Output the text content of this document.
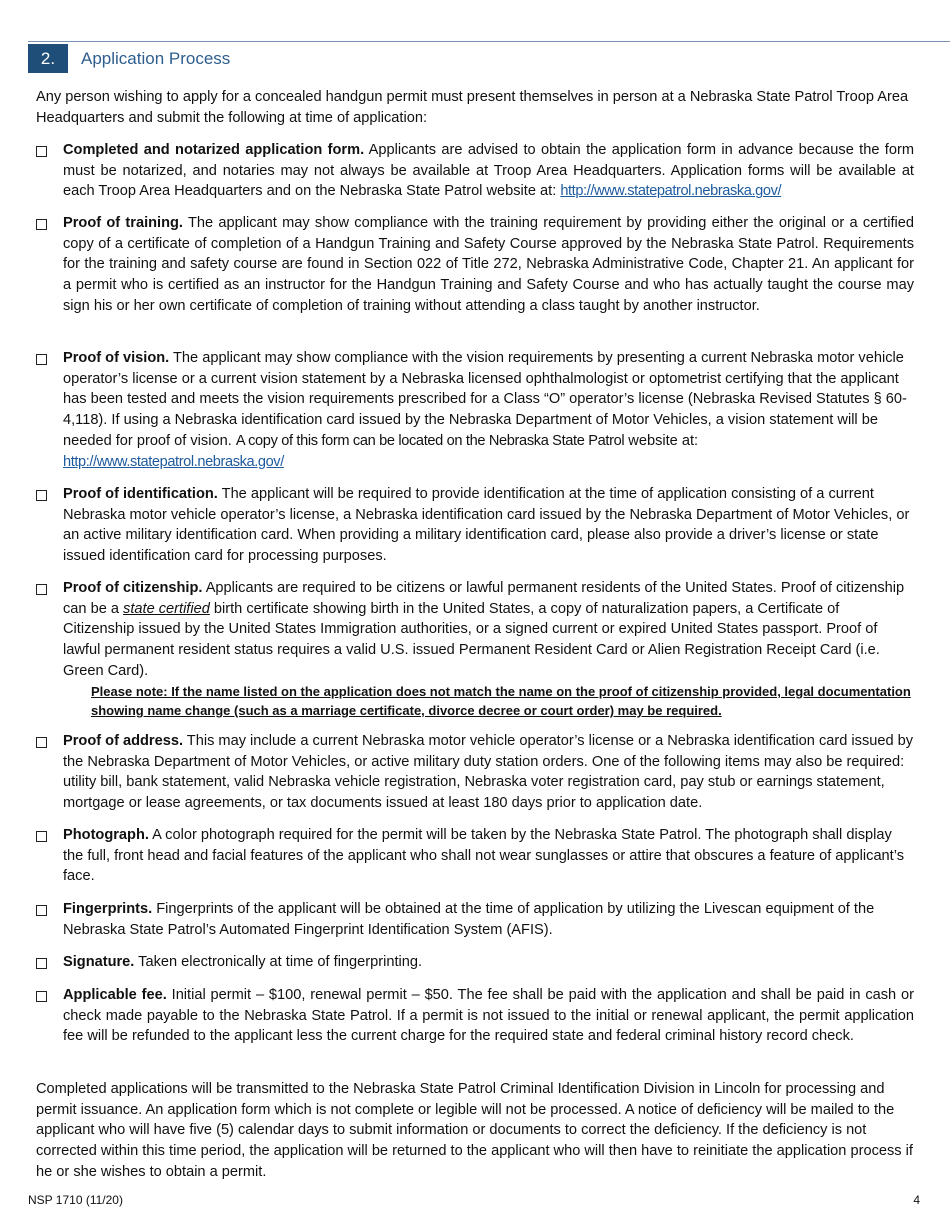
2.	Application Process
Any person wishing to apply for a concealed handgun permit must present themselves in person at a Nebraska State Patrol Troop Area Headquarters and submit the following at time of application:
Completed and notarized application form. Applicants are advised to obtain the application form in advance because the form must be notarized, and notaries may not always be available at Troop Area Headquarters. Application forms will be available at each Troop Area Headquarters and on the Nebraska State Patrol website at: http://www.statepatrol.nebraska.gov/
Proof of training. The applicant may show compliance with the training requirement by providing either the original or a certified copy of a certificate of completion of a Handgun Training and Safety Course approved by the Nebraska State Patrol. Requirements for the training and safety course are found in Section 022 of Title 272, Nebraska Administrative Code, Chapter 21. An applicant for a permit who is certified as an instructor for the Handgun Training and Safety Course and who has actually taught the course may sign his or her own certificate of completion of training without attending a class taught by another instructor.
Proof of vision. The applicant may show compliance with the vision requirements by presenting a current Nebraska motor vehicle operator’s license or a current vision statement by a Nebraska licensed ophthalmologist or optometrist certifying that the applicant has been tested and meets the vision requirements prescribed for a Class “O” operator’s license (Nebraska Revised Statutes § 60-4,118). If using a Nebraska identification card issued by the Nebraska Department of Motor Vehicles, a vision statement will be needed for proof of vision. A copy of this form can be located on the Nebraska State Patrol website at: http://www.statepatrol.nebraska.gov/
Proof of identification. The applicant will be required to provide identification at the time of application consisting of a current Nebraska motor vehicle operator’s license, a Nebraska identification card issued by the Nebraska Department of Motor Vehicles, or an active military identification card. When providing a military identification card, please also provide a driver’s license or state issued identification card for processing purposes.
Proof of citizenship. Applicants are required to be citizens or lawful permanent residents of the United States. Proof of citizenship can be a state certified birth certificate showing birth in the United States, a copy of naturalization papers, a Certificate of Citizenship issued by the United States Immigration authorities, or a signed current or expired United States passport. Proof of lawful permanent resident status requires a valid U.S. issued Permanent Resident Card or Alien Registration Receipt Card (i.e. Green Card).
Please note: If the name listed on the application does not match the name on the proof of citizenship provided, legal documentation showing name change (such as a marriage certificate, divorce decree or court order) may be required.
Proof of address. This may include a current Nebraska motor vehicle operator’s license or a Nebraska identification card issued by the Nebraska Department of Motor Vehicles, or active military duty station orders. One of the following items may also be required: utility bill, bank statement, valid Nebraska vehicle registration, Nebraska voter registration card, pay stub or earnings statement, mortgage or lease agreements, or tax documents issued at least 180 days prior to application date.
Photograph. A color photograph required for the permit will be taken by the Nebraska State Patrol. The photograph shall display the full, front head and facial features of the applicant who shall not wear sunglasses or attire that obscures a feature of applicant’s face.
Fingerprints. Fingerprints of the applicant will be obtained at the time of application by utilizing the Livescan equipment of the Nebraska State Patrol’s Automated Fingerprint Identification System (AFIS).
Signature. Taken electronically at time of fingerprinting.
Applicable fee. Initial permit – $100, renewal permit – $50. The fee shall be paid with the application and shall be paid in cash or check made payable to the Nebraska State Patrol. If a permit is not issued to the initial or renewal applicant, the permit application fee will be refunded to the applicant less the current charge for the required state and federal criminal history record check.
Completed applications will be transmitted to the Nebraska State Patrol Criminal Identification Division in Lincoln for processing and permit issuance. An application form which is not complete or legible will not be processed. A notice of deficiency will be mailed to the applicant who will have five (5) calendar days to submit information or documents to correct the deficiency. If the deficiency is not corrected within this time period, the application will be returned to the applicant who will then have to reinitiate the application process if he or she wishes to obtain a permit.
NSP 1710 (11/20)	4
